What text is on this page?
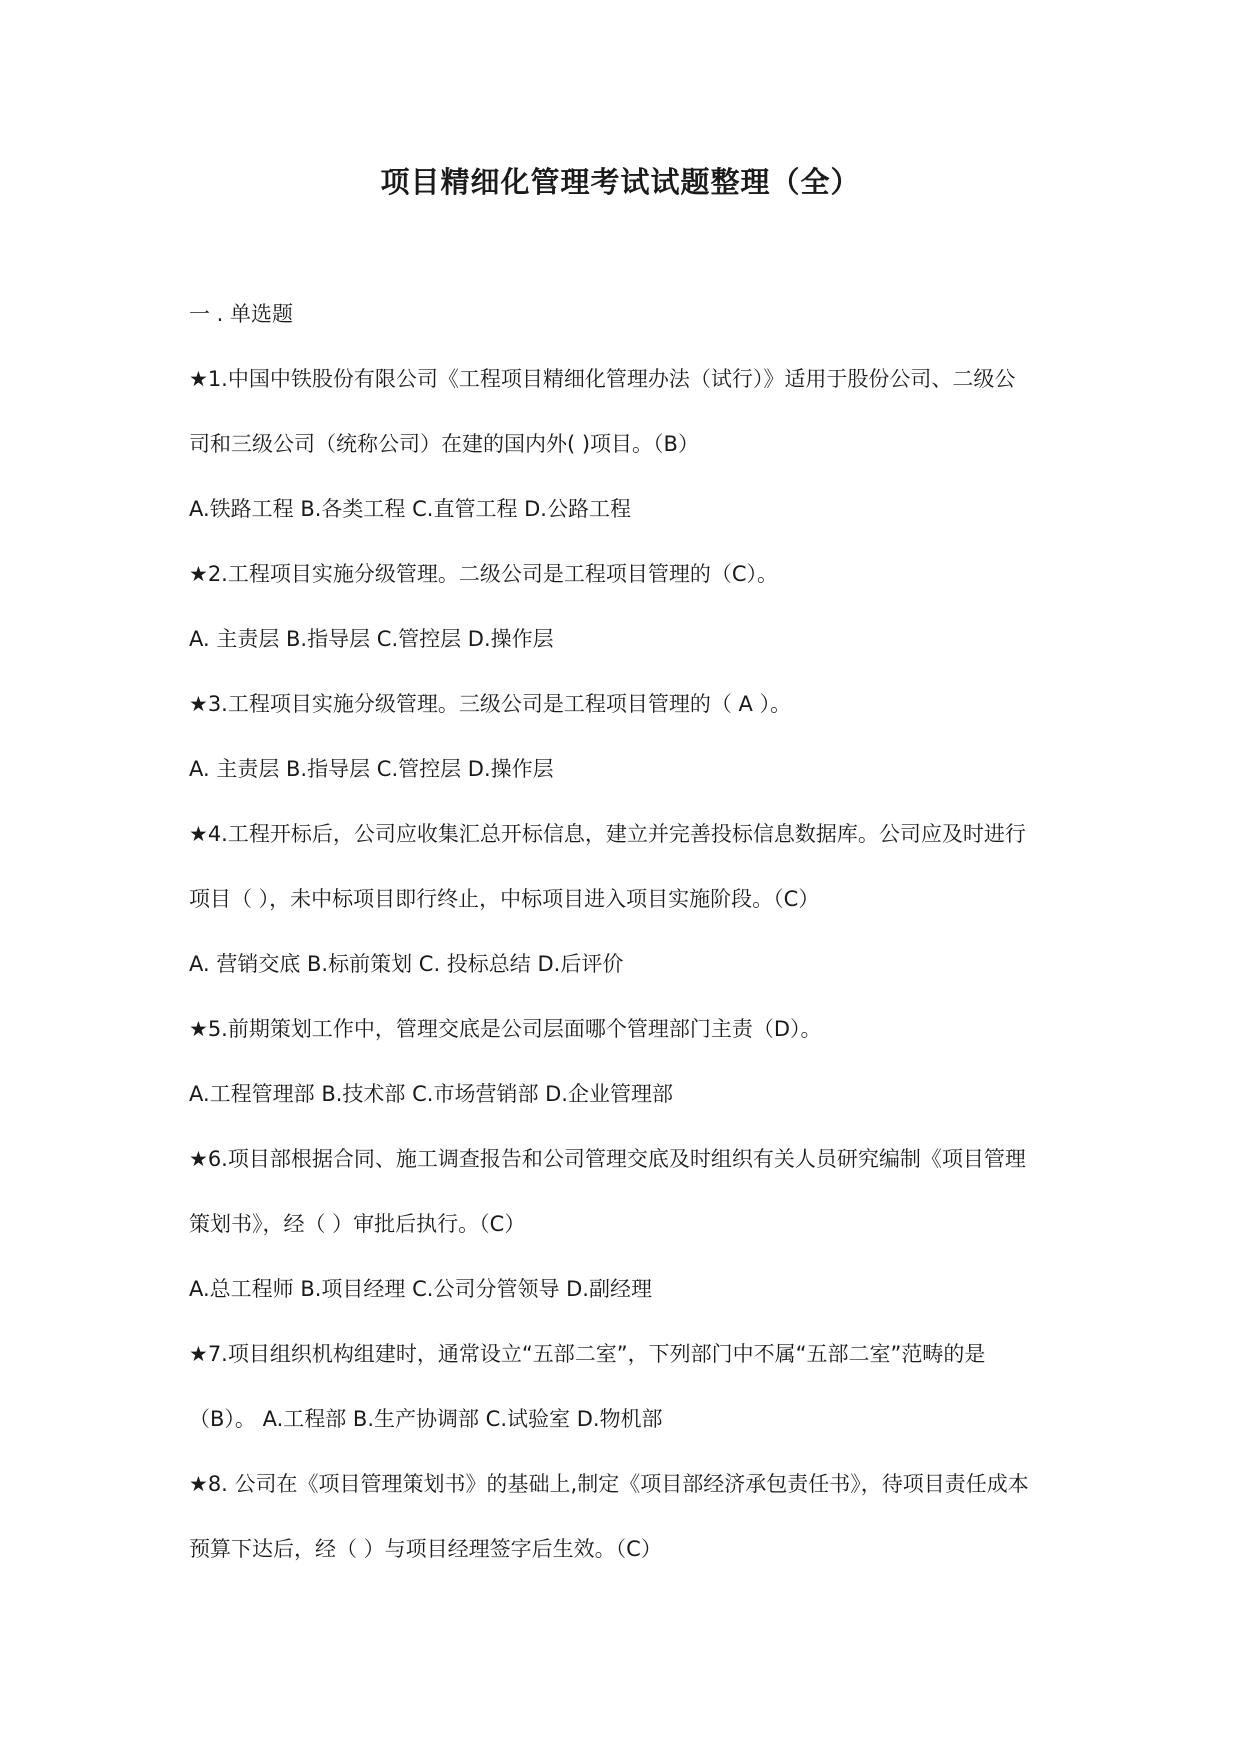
项目精细化管理考试试题整理（全）
一 . 单选题
★1.中国中铁股份有限公司《工程项目精细化管理办法（试行）》适用于股份公司、二级公
司和三级公司（统称公司）在建的国内外( )项目。（B）
A.铁路工程 B.各类工程 C.直管工程 D.公路工程
★2.工程项目实施分级管理。二级公司是工程项目管理的（C）。
A. 主责层 B.指导层 C.管控层 D.操作层
★3.工程项目实施分级管理。三级公司是工程项目管理的（ A ）。
A. 主责层 B.指导层 C.管控层 D.操作层
★4.工程开标后，公司应收集汇总开标信息，建立并完善投标信息数据库。公司应及时进行
项目（ ），未中标项目即行终止，中标项目进入项目实施阶段。（C）
A. 营销交底 B.标前策划 C. 投标总结 D.后评价
★5.前期策划工作中，管理交底是公司层面哪个管理部门主责（D）。
A.工程管理部 B.技术部 C.市场营销部 D.企业管理部
★6.项目部根据合同、施工调查报告和公司管理交底及时组织有关人员研究编制《项目管理
策划书》，经（ ）审批后执行。（C）
A.总工程师 B.项目经理 C.公司分管领导 D.副经理
★7.项目组织机构组建时，通常设立“五部二室”，下列部门中不属“五部二室”范畴的是
（B）。 A.工程部 B.生产协调部 C.试验室 D.物机部
★8. 公司在《项目管理策划书》的基础上,制定《项目部经济承包责任书》，待项目责任成本
预算下达后，经（ ）与项目经理签字后生效。（C）
